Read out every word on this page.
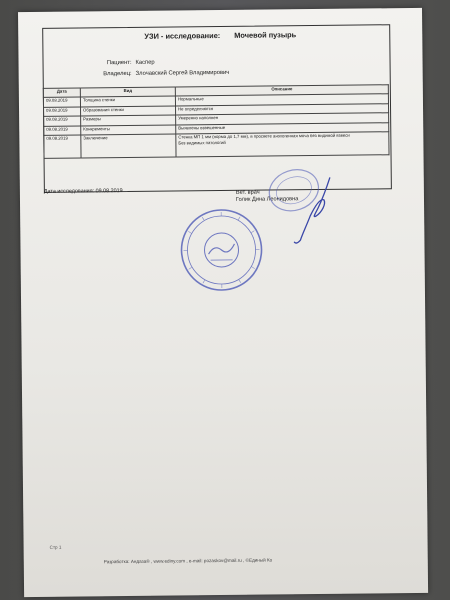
УЗИ - исследование: Мочевой пузырь
Пациент: Каспер
Владелец: Злочавский Сергей Владимирович
Дата	Вид	Описание
09.08.2019	Толщина стенки	Нормальные
09.08.2019	Образования стенки	Не определяются
09.08.2019	Размеры	Умеренно наполнен
09.08.2019	Конкременты	Выявлены взвешенные
09.08.2019	Заключение	Стенка МП 1 мм (норма до 1,7 мм), в просвете анэхогенная моча без видимой взвеси
Без видимых патологий
Дата исследования: 09.08.2019	Вет. врач
Голик Дина Леонидовна
Стр 1
Разработка: Андаза® , www.ediny.com , e-mail: pozaskov@mail.ru , ©Единый Ко
